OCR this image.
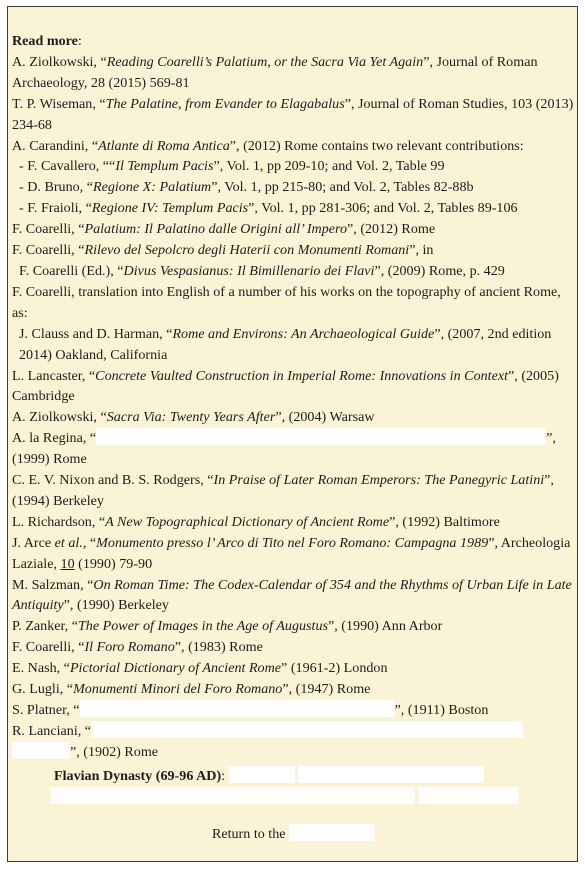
Read more:

A. Ziolkowski, “Reading Coarelli’s Palatium, or the Sacra Via Yet Again”, Journal of Roman Archaeology, 28 (2015) 569-81

T. P. Wiseman, “The Palatine, from Evander to Elagabalus”, Journal of Roman Studies, 103 (2013) 234-68

A. Carandini, “Atlante di Roma Antica”, (2012) Rome contains two relevant contributions:

- F. Cavallero, ““Il Templum Pacis”, Vol. 1, pp 209-10; and Vol. 2, Table 99

- D. Bruno, “Regione X: Palatium”, Vol. 1, pp 215-80; and Vol. 2, Tables 82-88b

- F. Fraioli, “Regione IV: Templum Pacis”, Vol. 1, pp 281-306; and Vol. 2, Tables 89-106

F. Coarelli, “Palatium: Il Palatino dalle Origini all’ Impero”, (2012) Rome

F. Coarelli, “Rilevo del Sepolcro degli Haterii con Monumenti Romani”, in

F. Coarelli (Ed.), “Divus Vespasianus: Il Bimillenario dei Flavi”, (2009) Rome, p. 429

F. Coarelli, translation into English of a number of his works on the topography of ancient Rome, as:

J. Clauss and D. Harman, “Rome and Environs: An Archaeological Guide”, (2007, 2nd edition 2014) Oakland, California

L. Lancaster, “Concrete Vaulted Construction in Imperial Rome: Innovations in Context”, (2005) Cambridge

A. Ziolkowski, “Sacra Via: Twenty Years After”, (2004) Warsaw

A. la Regina, “	”, (1999) Rome

C. E. V. Nixon and B. S. Rodgers, “In Praise of Later Roman Emperors: The Panegyric Latini”, (1994) Berkeley

L. Richardson, “A New Topographical Dictionary of Ancient Rome”, (1992) Baltimore

J. Arce et al., “Monumento presso l’ Arco di Tito nel Foro Romano: Campagna 1989”, Archeologia Laziale, 10 (1990) 79-90

M. Salzman, “On Roman Time: The Codex-Calendar of 354 and the Rhythms of Urban Life in Late Antiquity”, (1990) Berkeley

P. Zanker, “The Power of Images in the Age of Augustus”, (1990) Ann Arbor

F. Coarelli, “Il Foro Romano”, (1983) Rome

E. Nash, “Pictorial Dictionary of Ancient Rome” (1961-2) London

G. Lugli, “Monumenti Minori del Foro Romano”, (1947) Rome

S. Platner, “	”, (1911) Boston

R. Lanciani, “
”, (1902) Rome

Flavian Dynasty (69-96 AD):

Return to the
